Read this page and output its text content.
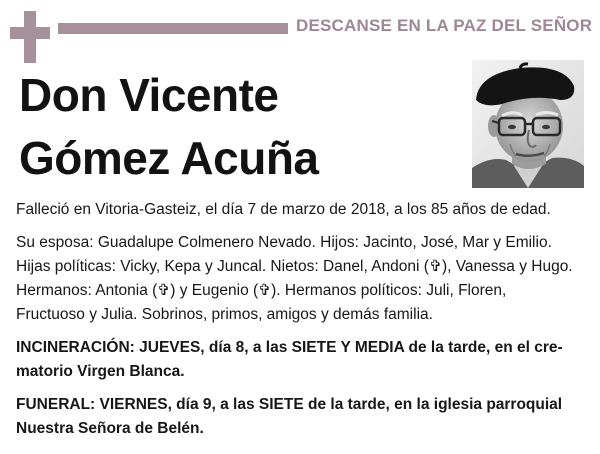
DESCANSE EN LA PAZ DEL SEÑOR
Don Vicente
Gómez Acuña
Falleció en Vitoria-Gasteiz, el día 7 de marzo de 2018, a los 85 años de edad.
Su esposa: Guadalupe Colmenero Nevado. Hijos: Jacinto, José, Mar y Emilio.
Hijas políticas: Vicky, Kepa y Juncal. Nietos: Danel, Andoni (✞), Vanessa y Hugo.
Hermanos: Antonia (✞) y Eugenio (✞). Hermanos políticos: Juli, Floren,
Fructuoso y Julia. Sobrinos, primos, amigos y demás familia.
INCINERACIÓN: JUEVES, día 8, a las SIETE Y MEDIA de la tarde, en el cre-
matorio Virgen Blanca.
FUNERAL: VIERNES, día 9, a las SIETE de la tarde, en la iglesia parroquial
Nuestra Señora de Belén.
